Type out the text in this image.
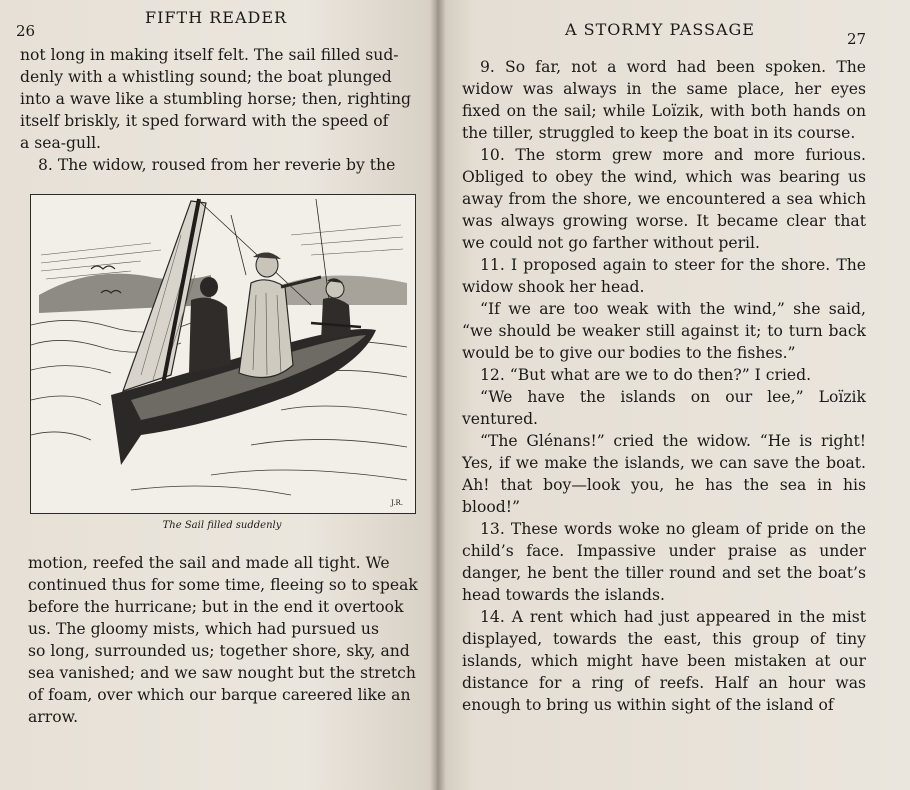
26
FIFTH READER

not long in making itself felt. The sail filled sud-

denly with a whistling sound; the boat plunged

into a wave like a stumbling horse; then, righting

itself briskly, it sped forward with the speed of

a sea-gull.

8. The widow, roused from her reverie by the

J.R.
The Sail filled suddenly

motion, reefed the sail and made all tight. We

continued thus for some time, fleeing so to speak

before the hurricane; but in the end it overtook

us. The gloomy mists, which had pursued us

so long, surrounded us; together shore, sky, and

sea vanished; and we saw nought but the stretch

of foam, over which our barque careered like an

arrow.

A STORMY PASSAGE	27

9. So far, not a word had been spoken. The widow was always in the same place, her eyes fixed on the sail; while Loïzik, with both hands on the tiller, struggled to keep the boat in its course.

10. The storm grew more and more furious. Obliged to obey the wind, which was bearing us away from the shore, we encountered a sea which was always growing worse. It became clear that we could not go farther without peril.

11. I proposed again to steer for the shore. The widow shook her head.

“If we are too weak with the wind,” she said, “we should be weaker still against it; to turn back would be to give our bodies to the fishes.”

12. “But what are we to do then?” I cried.

“We have the islands on our lee,” Loïzik ventured.

“The Glénans!” cried the widow. “He is right! Yes, if we make the islands, we can save the boat. Ah! that boy—look you, he has the sea in his blood!”

13. These words woke no gleam of pride on the child’s face. Impassive under praise as under danger, he bent the tiller round and set the boat’s head towards the islands.

14. A rent which had just appeared in the mist displayed, towards the east, this group of tiny islands, which might have been mistaken at our distance for a ring of reefs. Half an hour was enough to bring us within sight of the island of
